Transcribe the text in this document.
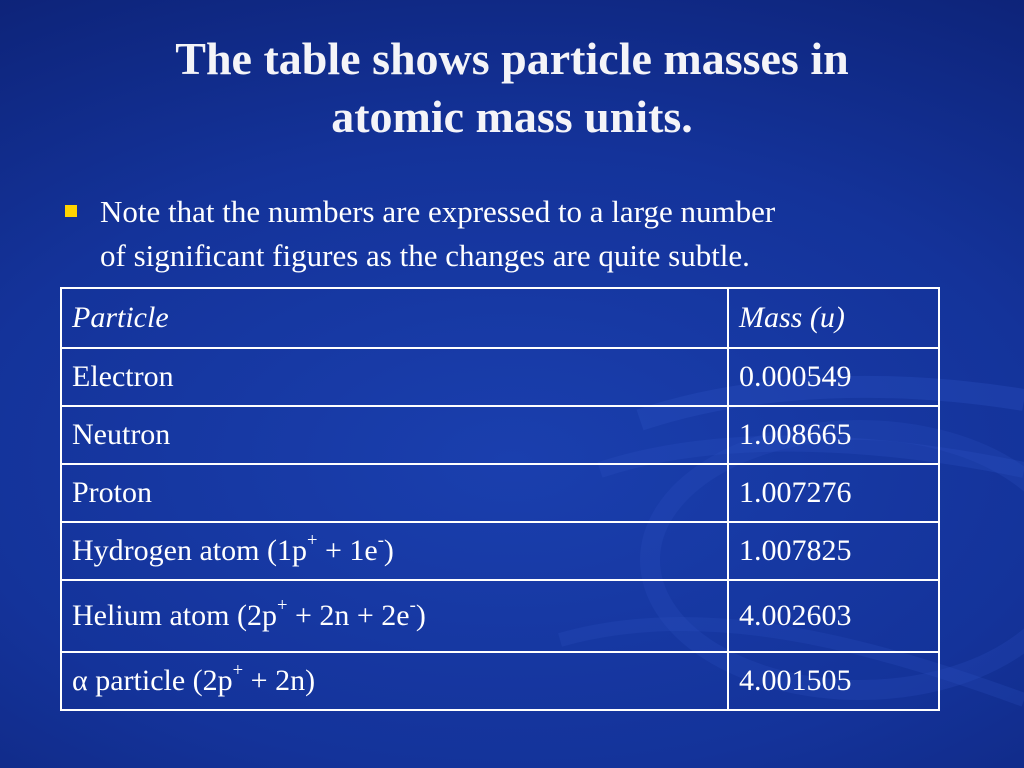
The table shows particle masses in
atomic mass units.
Note that the numbers are expressed to a large number
of significant figures as the changes are quite subtle.
Particle	Mass (u)
Electron	0.000549
Neutron	1.008665
Proton	1.007276
Hydrogen atom (1p+ + 1e-)	1.007825
Helium atom (2p+ + 2n + 2e-)	4.002603
α particle (2p+ + 2n)	4.001505
